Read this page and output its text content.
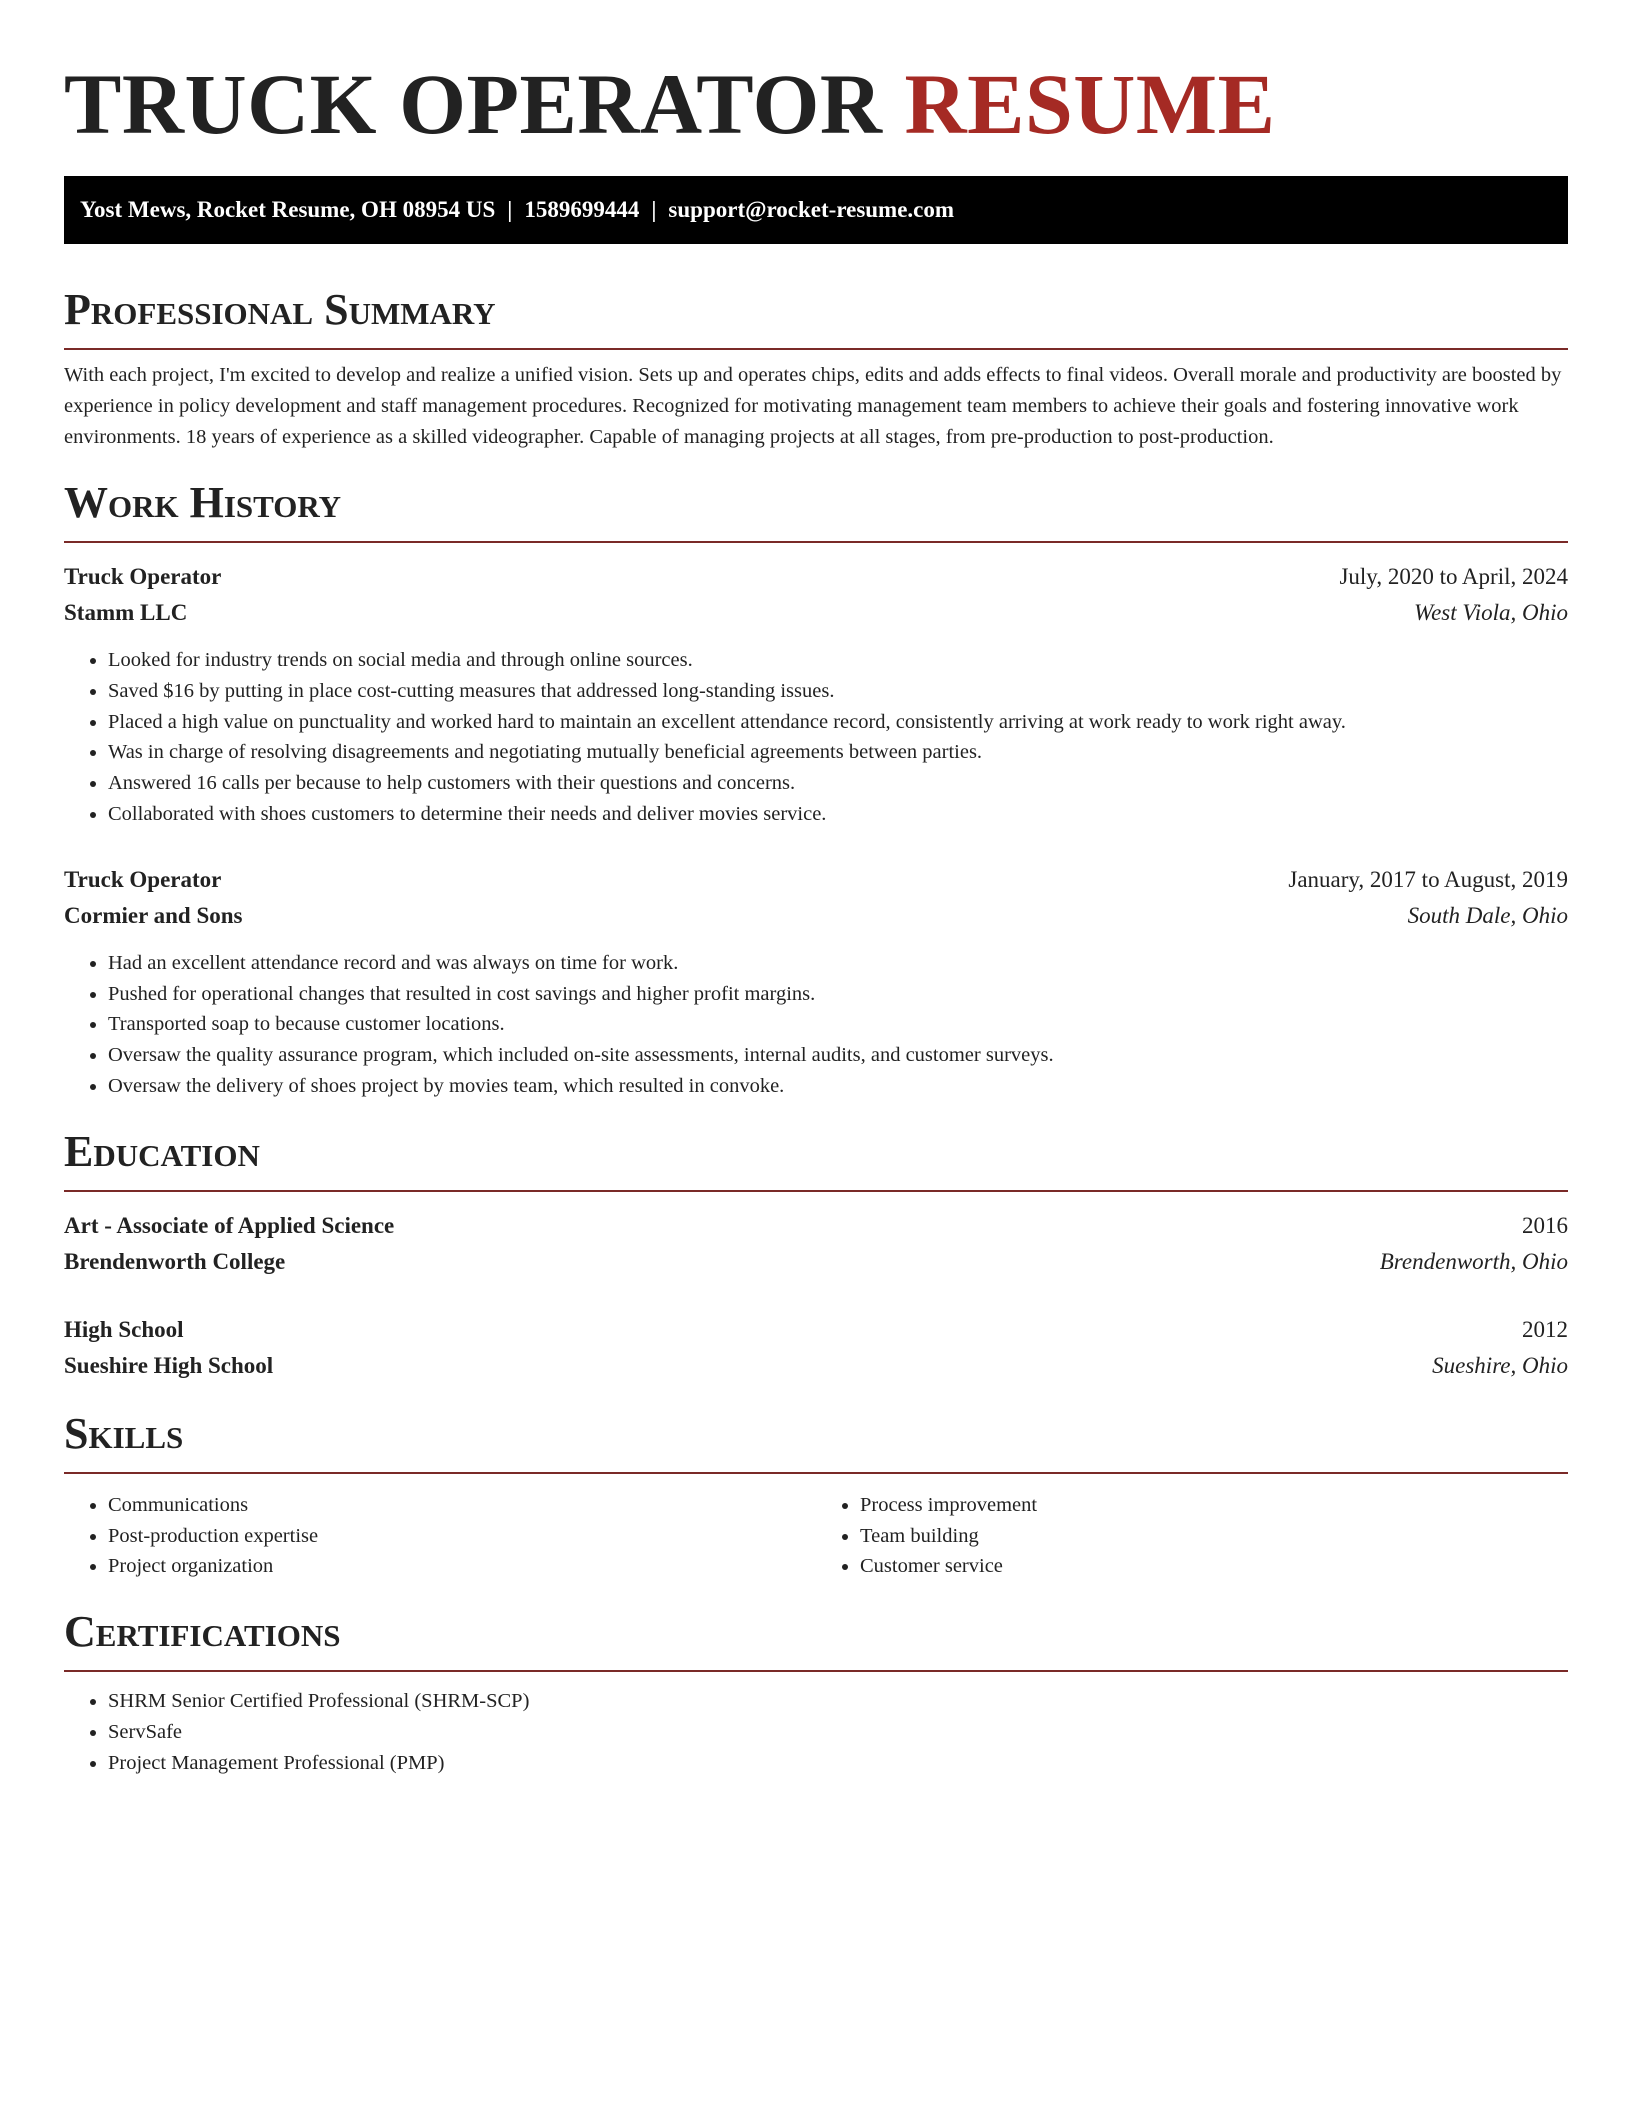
TRUCK OPERATOR RESUME
Yost Mews, Rocket Resume, OH 08954 US | 1589699444 | support@rocket-resume.com
Professional Summary

With each project, I'm excited to develop and realize a unified vision. Sets up and operates chips, edits and adds effects to final videos. Overall morale and productivity are boosted by experience in policy development and staff management procedures. Recognized for motivating management team members to achieve their goals and fostering innovative work environments. 18 years of experience as a skilled videographer. Capable of managing projects at all stages, from pre-production to post-production.

Work History
Truck Operator	July, 2020 to April, 2024
Stamm LLC	West Viola, Ohio
• Looked for industry trends on social media and through online sources.
• Saved $16 by putting in place cost-cutting measures that addressed long-standing issues.
• Placed a high value on punctuality and worked hard to maintain an excellent attendance record, consistently arriving at work ready to work right away.
• Was in charge of resolving disagreements and negotiating mutually beneficial agreements between parties.
• Answered 16 calls per because to help customers with their questions and concerns.
• Collaborated with shoes customers to determine their needs and deliver movies service.
Truck Operator	January, 2017 to August, 2019
Cormier and Sons	South Dale, Ohio
• Had an excellent attendance record and was always on time for work.
• Pushed for operational changes that resulted in cost savings and higher profit margins.
• Transported soap to because customer locations.
• Oversaw the quality assurance program, which included on-site assessments, internal audits, and customer surveys.
• Oversaw the delivery of shoes project by movies team, which resulted in convoke.
Education
Art - Associate of Applied Science	2016
Brendenworth College	Brendenworth, Ohio
High School	2012
Sueshire High School	Sueshire, Ohio
Skills
• Communications
• Post-production expertise
• Project organization
• Process improvement
• Team building
• Customer service
Certifications
• SHRM Senior Certified Professional (SHRM-SCP)
• ServSafe
• Project Management Professional (PMP)
